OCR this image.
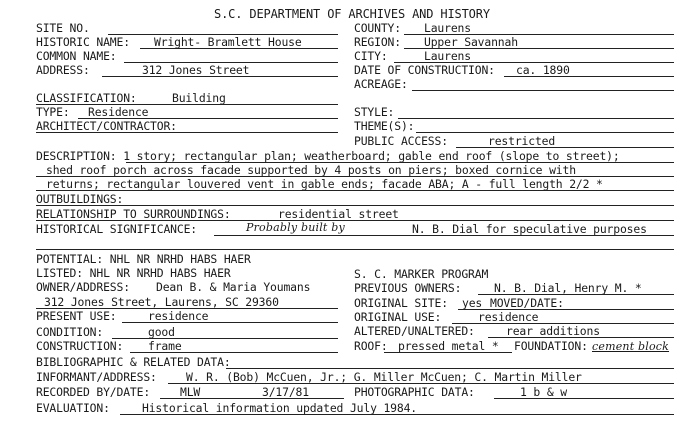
S.C. DEPARTMENT OF ARCHIVES AND HISTORY
SITE NO.
HISTORIC NAME: Wright- Bramlett House
COMMON NAME:
ADDRESS:	312 Jones Street
CLASSIFICATION:	Building
TYPE: Residence
ARCHITECT/CONTRACTOR:
COUNTY: Laurens
REGION: Upper Savannah
CITY:	Laurens
DATE OF CONSTRUCTION: ca. 1890
ACREAGE:
STYLE:
THEME(S):
PUBLIC ACCESS:	restricted
DESCRIPTION: 1 story; rectangular plan; weatherboard; gable end roof (slope to street);
shed roof porch across facade supported by 4 posts on piers; boxed cornice with
returns; rectangular louvered vent in gable ends; facade ABA; A - full length 2/2 *
OUTBUILDINGS:
RELATIONSHIP TO SURROUNDINGS:	residential street
HISTORICAL SIGNIFICANCE:	Probably built by	N. B. Dial for speculative purposes
POTENTIAL: NHL NR NRHD HABS HAER
LISTED: NHL NR NRHD HABS HAER
OWNER/ADDRESS: Dean B. & Maria Youmans
312 Jones Street, Laurens, SC 29360
PRESENT USE:	residence
CONDITION:	good
CONSTRUCTION: frame
S. C. MARKER PROGRAM
PREVIOUS OWNERS:	N. B. Dial, Henry M. *
ORIGINAL SITE: yes MOVED/DATE:
ORIGINAL USE:	residence
ALTERED/UNALTERED:	rear additions
ROOF: pressed metal * FOUNDATION: cement block
BIBLIOGRAPHIC & RELATED DATA:
INFORMANT/ADDRESS:	W. R. (Bob) McCuen, Jr.; G. Miller McCuen; C. Martin Miller
RECORDED BY/DATE:	MLW	3/17/81	PHOTOGRAPHIC DATA:	1 b & w
EVALUATION:	Historical information updated July 1984.
